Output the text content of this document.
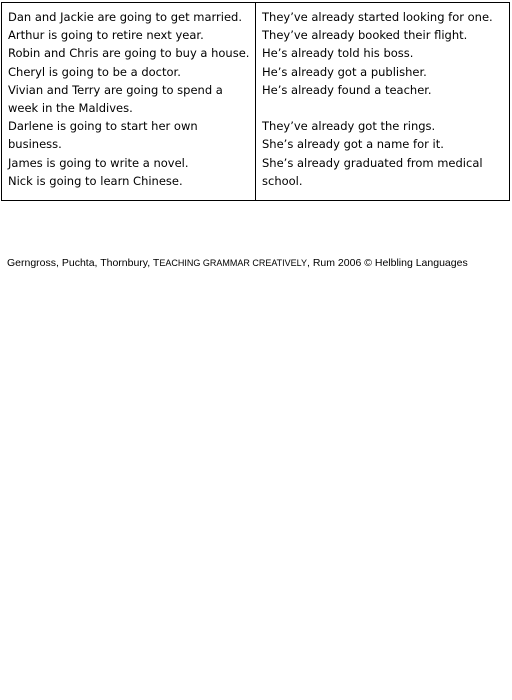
Dan and Jackie are going to get married.
Arthur is going to retire next year.
Robin and Chris are going to buy a house.
Cheryl is going to be a doctor.
Vivian and Terry are going to spend a
week in the Maldives.
Darlene is going to start her own
business.
James is going to write a novel.
Nick is going to learn Chinese.
They’ve already started looking for one.
They’ve already booked their flight.
He’s already told his boss.
He’s already got a publisher.
He’s already found a teacher.

They’ve already got the rings.
She’s already got a name for it.
She’s already graduated from medical
school.
Gerngross, Puchta, Thornbury, TEACHING GRAMMAR CREATIVELY, Rum 2006 © Helbling Languages
